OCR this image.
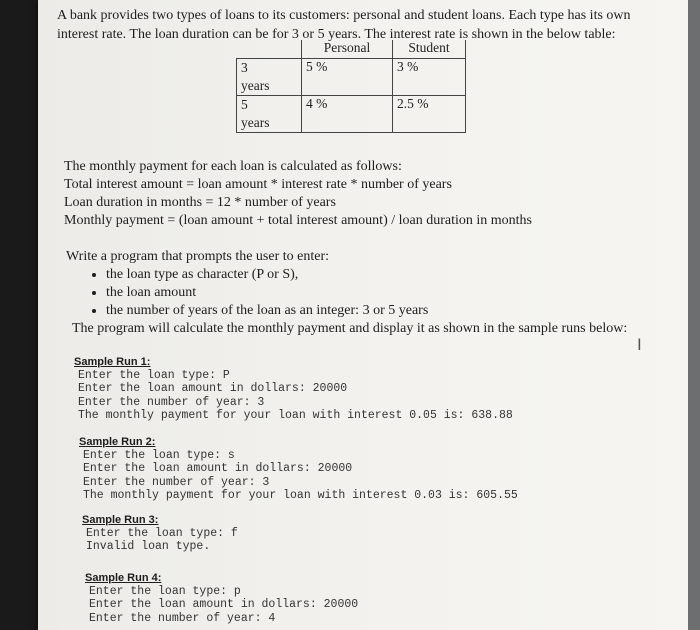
A bank provides two types of loans to its customers: personal and student loans. Each type has its own
interest rate. The loan duration can be for 3 or 5 years. The interest rate is shown in the below table:
	Personal	Student
3
years	5 %	3 %
5
years	4 %	2.5 %
The monthly payment for each loan is calculated as follows:
Total interest amount = loan amount * interest rate * number of years
Loan duration in months = 12 * number of years
Monthly payment = (loan amount + total interest amount) / loan duration in months
Write a program that prompts the user to enter:
• the loan type as character (P or S),
• the loan amount
• the number of years of the loan as an integer: 3 or 5 years
The program will calculate the monthly payment and display it as shown in the sample runs below:
Sample Run 1:
Enter the loan type: P
Enter the loan amount in dollars: 20000
Enter the number of year: 3
The monthly payment for your loan with interest 0.05 is: 638.88
Sample Run 2:
Enter the loan type: s
Enter the loan amount in dollars: 20000
Enter the number of year: 3
The monthly payment for your loan with interest 0.03 is: 605.55
Sample Run 3:
Enter the loan type: f
Invalid loan type.
Sample Run 4:
Enter the loan type: p
Enter the loan amount in dollars: 20000
Enter the number of year: 4
I
